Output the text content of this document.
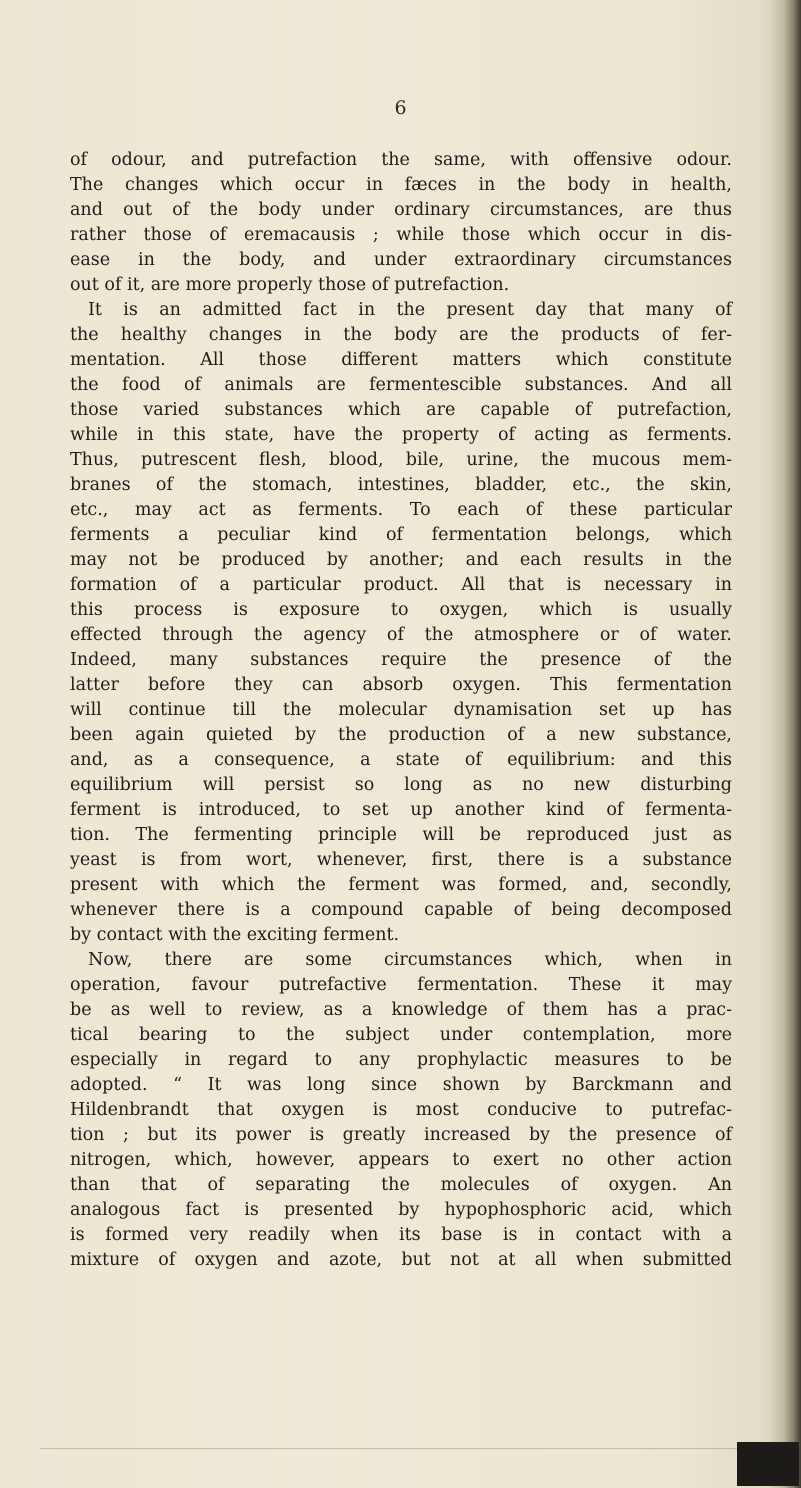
6
of odour, and putrefaction the same, with offensive odour.
The changes which occur in fæces in the body in health,
and out of the body under ordinary circumstances, are thus
rather those of eremacausis ; while those which occur in dis-
ease in the body, and under extraordinary circumstances
out of it, are more properly those of putrefaction.
It is an admitted fact in the present day that many of
the healthy changes in the body are the products of fer-
mentation. All those different matters which constitute
the food of animals are fermentescible substances. And all
those varied substances which are capable of putrefaction,
while in this state, have the property of acting as ferments.
Thus, putrescent flesh, blood, bile, urine, the mucous mem-
branes of the stomach, intestines, bladder, etc., the skin,
etc., may act as ferments. To each of these particular
ferments a peculiar kind of fermentation belongs, which
may not be produced by another; and each results in the
formation of a particular product. All that is necessary in
this process is exposure to oxygen, which is usually
effected through the agency of the atmosphere or of water.
Indeed, many substances require the presence of the
latter before they can absorb oxygen. This fermentation
will continue till the molecular dynamisation set up has
been again quieted by the production of a new substance,
and, as a consequence, a state of equilibrium: and this
equilibrium will persist so long as no new disturbing
ferment is introduced, to set up another kind of fermenta-
tion. The fermenting principle will be reproduced just as
yeast is from wort, whenever, first, there is a substance
present with which the ferment was formed, and, secondly,
whenever there is a compound capable of being decomposed
by contact with the exciting ferment.
Now, there are some circumstances which, when in
operation, favour putrefactive fermentation. These it may
be as well to review, as a knowledge of them has a prac-
tical bearing to the subject under contemplation, more
especially in regard to any prophylactic measures to be
adopted. “ It was long since shown by Barckmann and
Hildenbrandt that oxygen is most conducive to putrefac-
tion ; but its power is greatly increased by the presence of
nitrogen, which, however, appears to exert no other action
than that of separating the molecules of oxygen. An
analogous fact is presented by hypophosphoric acid, which
is formed very readily when its base is in contact with a
mixture of oxygen and azote, but not at all when submitted
